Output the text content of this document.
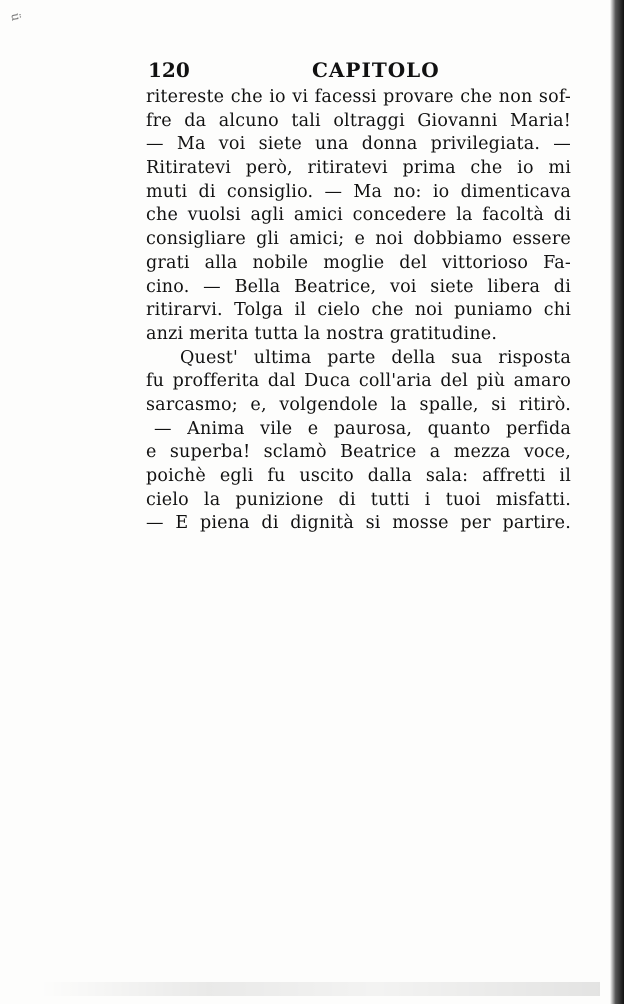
ü
120	CAPITOLO
ritereste che io vi facessi provare che non sof-
fre da alcuno tali oltraggi Giovanni Maria!
— Ma voi siete una donna privilegiata. —
Ritiratevi però, ritiratevi prima che io mi
muti di consiglio. — Ma no: io dimenticava
che vuolsi agli amici concedere la facoltà di
consigliare gli amici; e noi dobbiamo essere
grati alla nobile moglie del vittorioso Fa-
cino. — Bella Beatrice, voi siete libera di
ritirarvi. Tolga il cielo che noi puniamo chi
anzi merita tutta la nostra gratitudine.
Quest' ultima parte della sua risposta
fu profferita dal Duca coll'aria del più amaro
sarcasmo; e, volgendole la spalle, si ritirò.
— Anima vile e paurosa, quanto perfida
e superba! sclamò Beatrice a mezza voce,
poichè egli fu uscito dalla sala: affretti il
cielo la punizione di tutti i tuoi misfatti.
— E piena di dignità si mosse per partire.
